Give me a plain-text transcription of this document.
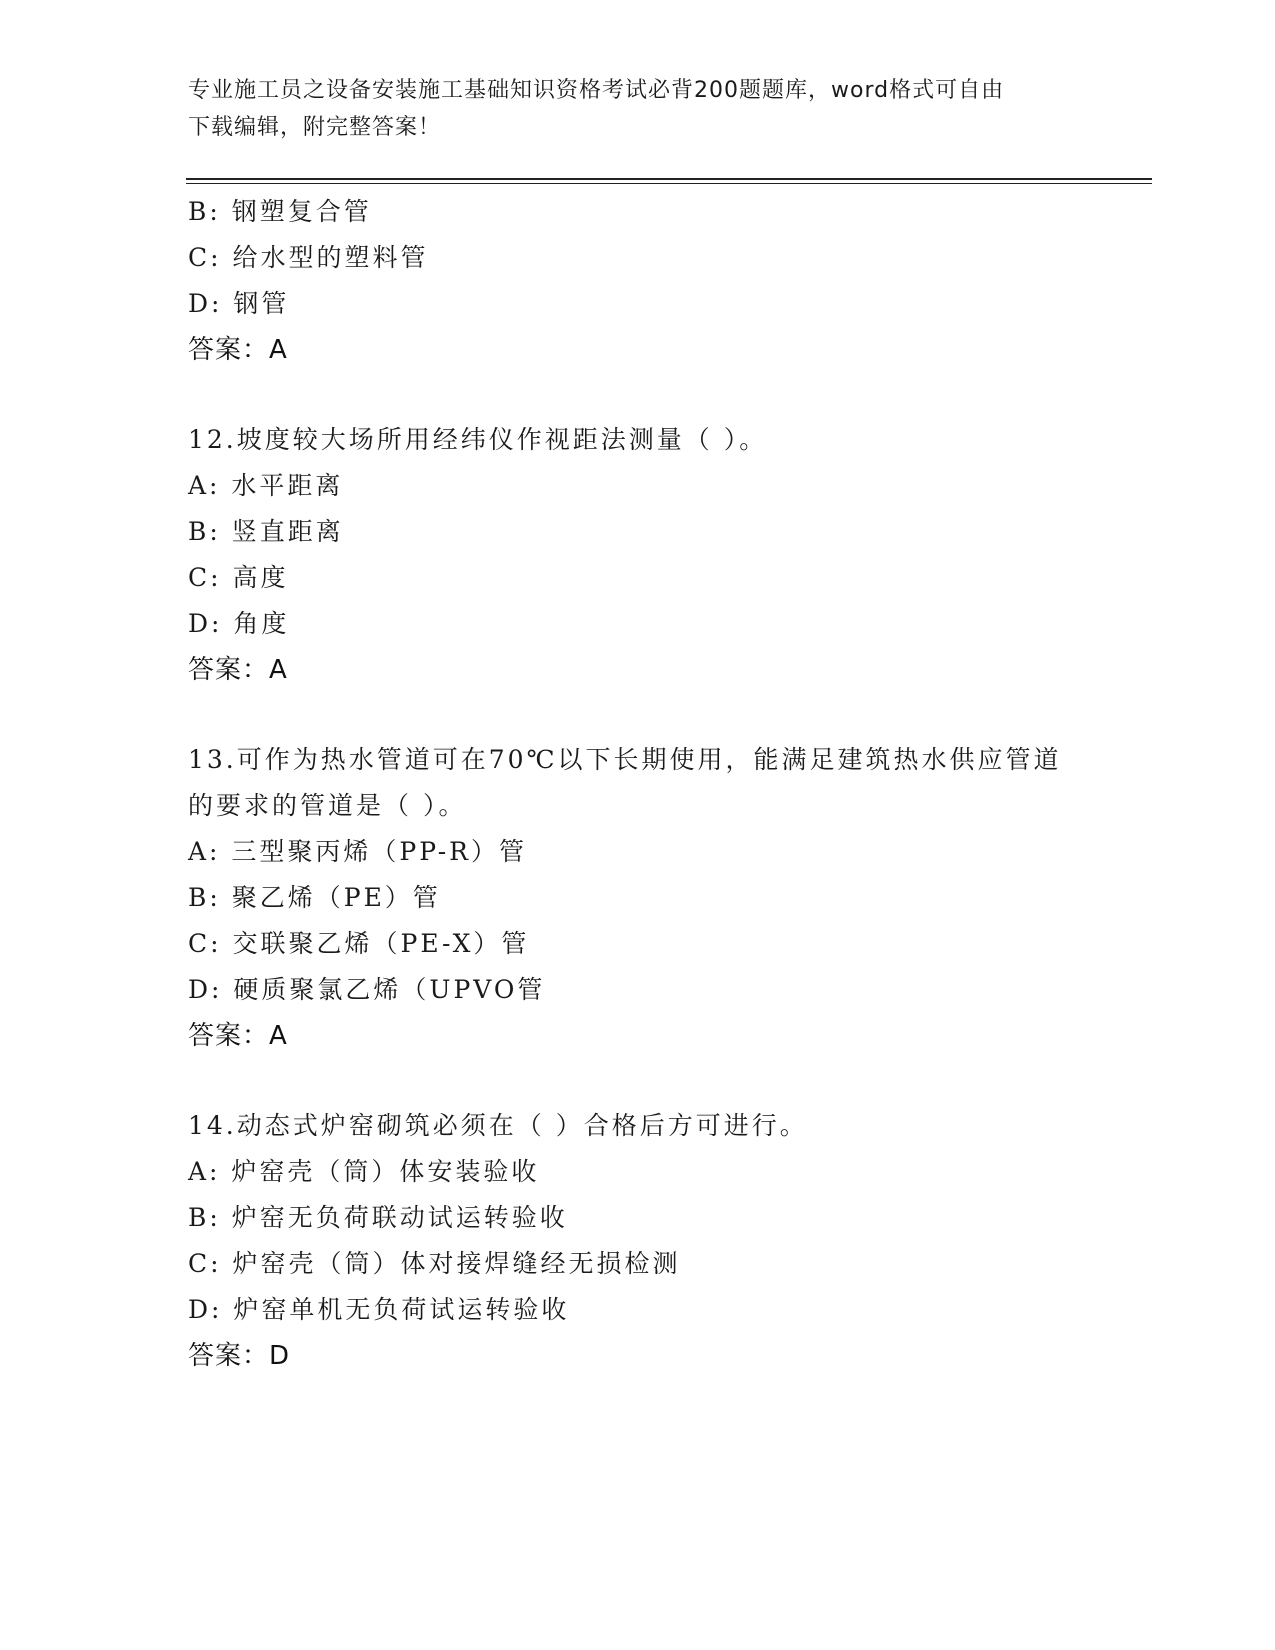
专业施工员之设备安装施工基础知识资格考试必背200题题库，word格式可自由
下载编辑，附完整答案！
B: 钢塑复合管
C: 给水型的塑料管
D: 钢管
答案：A
12.坡度较大场所用经纬仪作视距法测量（ ）。
A: 水平距离
B: 竖直距离
C: 高度
D: 角度
答案：A
13.可作为热水管道可在70℃以下长期使用，能满足建筑热水供应管道
的要求的管道是（ ）。
A: 三型聚丙烯（PP-R）管
B: 聚乙烯（PE）管
C: 交联聚乙烯（PE-X）管
D: 硬质聚氯乙烯（UPVO管
答案：A
14.动态式炉窑砌筑必须在（ ）合格后方可进行。
A: 炉窑壳（筒）体安装验收
B: 炉窑无负荷联动试运转验收
C: 炉窑壳（筒）体对接焊缝经无损检测
D: 炉窑单机无负荷试运转验收
答案：D
